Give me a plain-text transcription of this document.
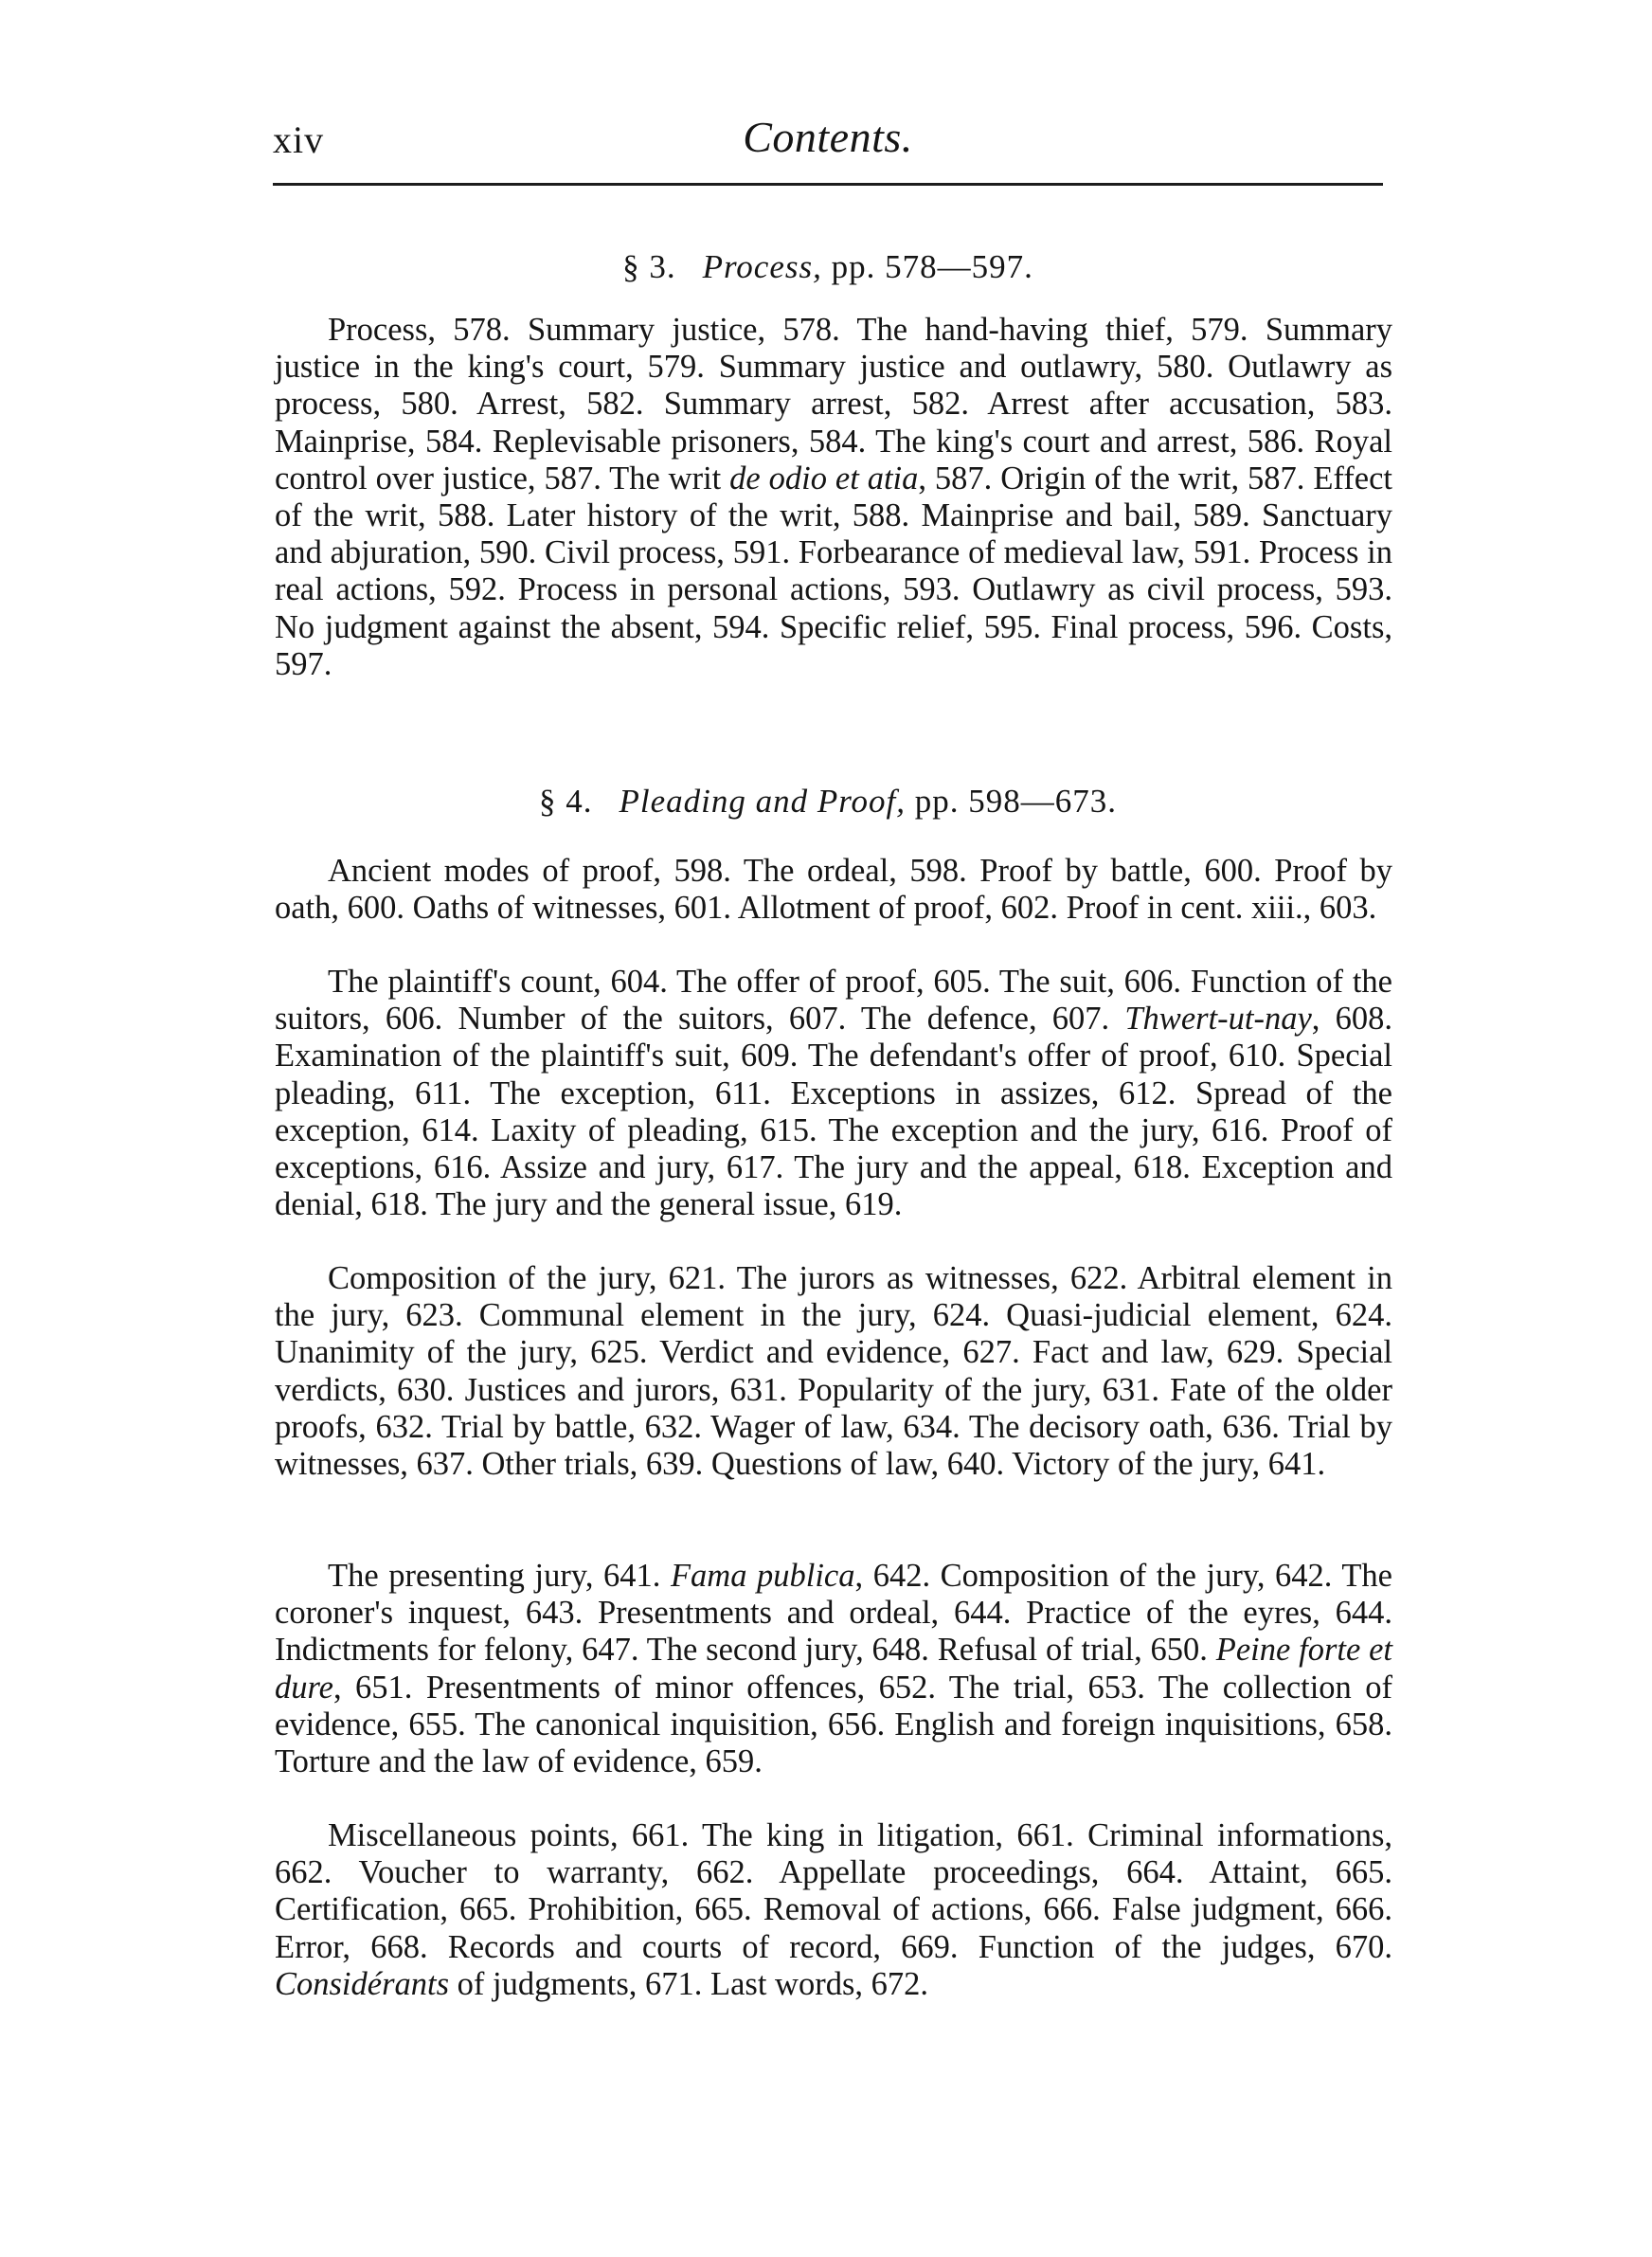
xiv	Contents.
§ 3. Process, pp. 578—597.

Process, 578. Summary justice, 578. The hand-having thief, 579. Summary justice in the king's court, 579. Summary justice and outlawry, 580. Outlawry as process, 580. Arrest, 582. Summary arrest, 582. Arrest after accusation, 583. Mainprise, 584. Replevisable prisoners, 584. The king's court and arrest, 586. Royal control over justice, 587. The writ de odio et atia, 587. Origin of the writ, 587. Effect of the writ, 588. Later history of the writ, 588. Mainprise and bail, 589. Sanctuary and abjuration, 590. Civil process, 591. Forbearance of medieval law, 591. Process in real actions, 592. Process in personal actions, 593. Outlawry as civil process, 593. No judgment against the absent, 594. Specific relief, 595. Final process, 596. Costs, 597.

§ 4. Pleading and Proof, pp. 598—673.

Ancient modes of proof, 598. The ordeal, 598. Proof by battle, 600. Proof by oath, 600. Oaths of witnesses, 601. Allotment of proof, 602. Proof in cent. xiii., 603.

The plaintiff's count, 604. The offer of proof, 605. The suit, 606. Function of the suitors, 606. Number of the suitors, 607. The defence, 607. Thwert-ut-nay, 608. Examination of the plaintiff's suit, 609. The defendant's offer of proof, 610. Special pleading, 611. The exception, 611. Exceptions in assizes, 612. Spread of the exception, 614. Laxity of pleading, 615. The exception and the jury, 616. Proof of exceptions, 616. Assize and jury, 617. The jury and the appeal, 618. Exception and denial, 618. The jury and the general issue, 619.

Composition of the jury, 621. The jurors as witnesses, 622. Arbitral element in the jury, 623. Communal element in the jury, 624. Quasi-judicial element, 624. Unanimity of the jury, 625. Verdict and evidence, 627. Fact and law, 629. Special verdicts, 630. Justices and jurors, 631. Popularity of the jury, 631. Fate of the older proofs, 632. Trial by battle, 632. Wager of law, 634. The decisory oath, 636. Trial by witnesses, 637. Other trials, 639. Questions of law, 640. Victory of the jury, 641.

The presenting jury, 641. Fama publica, 642. Composition of the jury, 642. The coroner's inquest, 643. Presentments and ordeal, 644. Practice of the eyres, 644. Indictments for felony, 647. The second jury, 648. Refusal of trial, 650. Peine forte et dure, 651. Presentments of minor offences, 652. The trial, 653. The collection of evidence, 655. The canonical inquisition, 656. English and foreign inquisitions, 658. Torture and the law of evidence, 659.

Miscellaneous points, 661. The king in litigation, 661. Criminal informations, 662. Voucher to warranty, 662. Appellate proceedings, 664. Attaint, 665. Certification, 665. Prohibition, 665. Removal of actions, 666. False judgment, 666. Error, 668. Records and courts of record, 669. Function of the judges, 670. Considérants of judgments, 671. Last words, 672.
